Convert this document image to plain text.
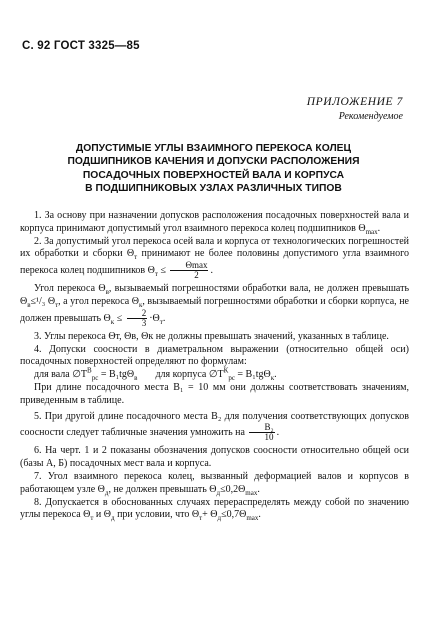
С. 92 ГОСТ 3325—85
ПРИЛОЖЕНИЕ 7
Рекомендуемое
ДОПУСТИМЫЕ УГЛЫ ВЗАИМНОГО ПЕРЕКОСА КОЛЕЦ
ПОДШИПНИКОВ КАЧЕНИЯ И ДОПУСКИ РАСПОЛОЖЕНИЯ
ПОСАДОЧНЫХ ПОВЕРХНОСТЕЙ ВАЛА И КОРПУСА
В ПОДШИПНИКОВЫХ УЗЛАХ РАЗЛИЧНЫХ ТИПОВ

1. За основу при назначении допусков расположения посадочных поверхностей вала и корпуса принимают допустимый угол взаимного перекоса колец подшипников $\Theta_{max}$.

2. За допустимый угол перекоса осей вала и корпуса от технологических погрешностей их обработки и сборки $\Theta_т$ принимают не более половины допустимого угла взаимного перекоса колец подшипников $\Theta_т \le \frac{\Theta\max}{2}$ .

Угол перекоса $\Theta_в$, вызываемый погрешностями обработки вала, не должен превышать $\Theta_в\le^1/_3$ $\Theta_т$, а угол перекоса $\Theta_к$, вызываемый погрешностями обработки и сборки корпуса, не должен превышать $\Theta_к \le \frac{2}{3} \cdot\Theta_т$.

3. Углы перекоса Θт, Θв, Θк не должны превышать значений, указанных в таблице.

4. Допуски соосности в диаметральном выражении (относительно общей оси) посадочных поверхностей определяют по формулам:

для вала $\emptyset T^В_{рс} = B_1tg\Theta_в$ для корпуса $\emptyset T^К_{рс} = B_1tg\Theta_к$.

При длине посадочного места B₁ = 10 мм они должны соответствовать значениям, приведенным в таблице.

5. При другой длине посадочного места B₂ для получения соответствующих допусков соосности следует табличные значения умножить на $\frac{\text{B₂}}{10}$ .

6. На черт. 1 и 2 показаны обозначения допусков соосности относительно общей оси (базы А, Б) посадочных мест вала и корпуса.

7. Угол взаимного перекоса колец, вызванный деформацией валов и корпусов в работающем узле $\Theta_д$, не должен превышать $\Theta_д\le 0,2\Theta_{max}$.

8. Допускается в обоснованных случаях перераспределять между собой по значению углы перекоса $\Theta_т$ и $\Theta_д$ при условии, что $\Theta_т+ \Theta_д\le 0,7\Theta_{max}$.
